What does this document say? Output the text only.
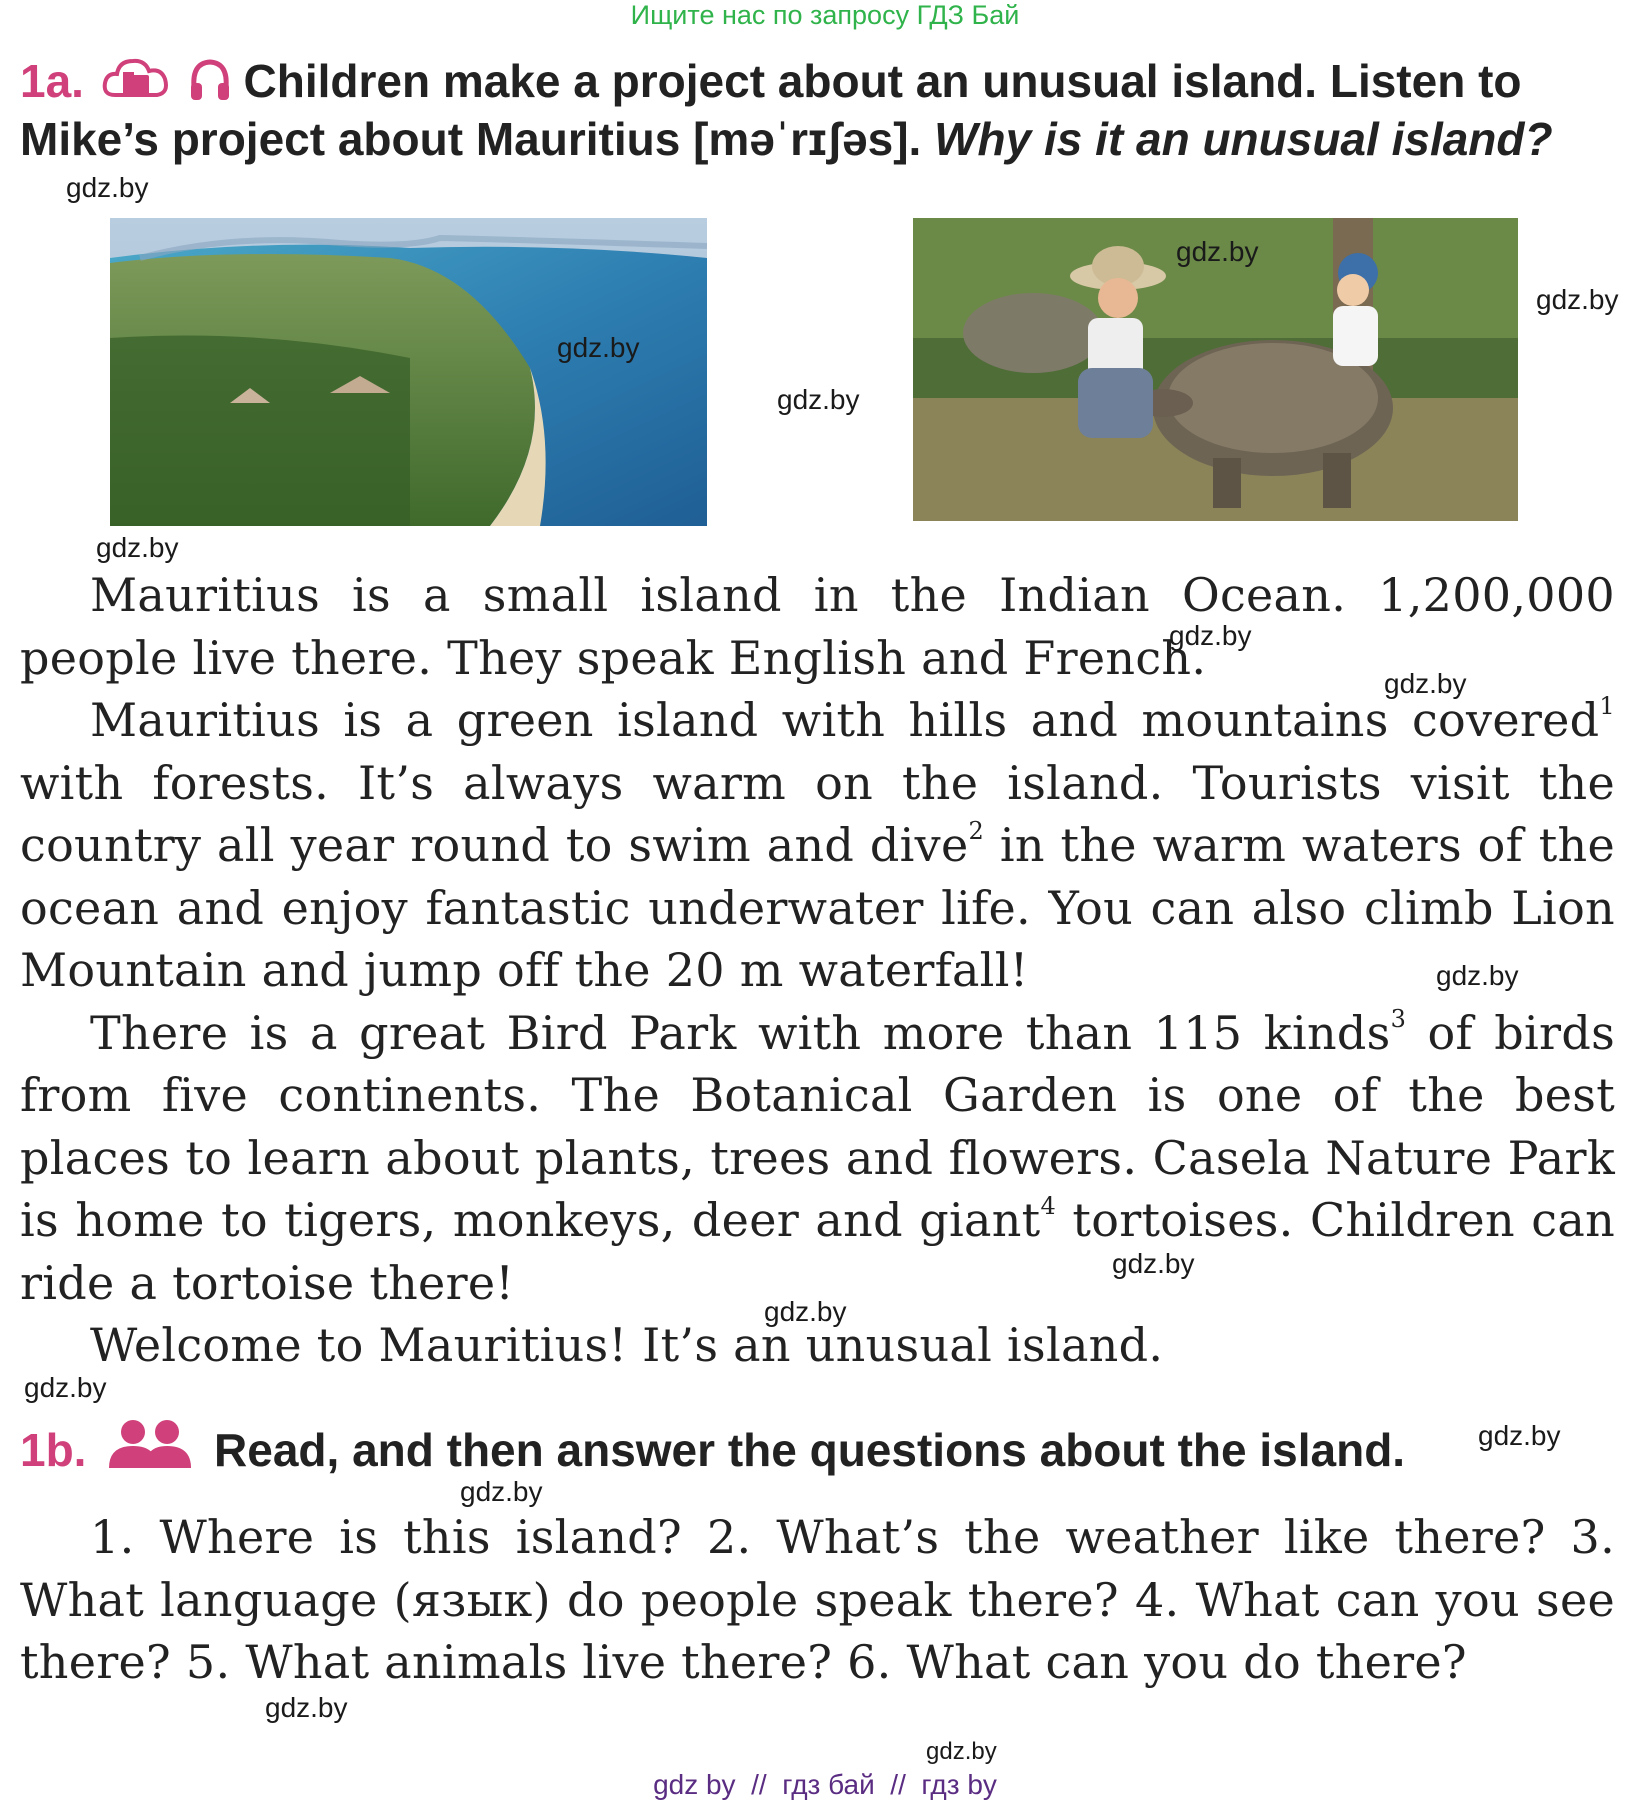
Ищите нас по запросу ГДЗ Бай
1a.	Children make a project about an unusual island. Listen to Mike’s project about Mauritius [məˈrɪʃəs]. Why is it an unusual island?

Mauritius is a small island in the Indian Ocean. 1,200,000 people live there. They speak English and French.

Mauritius is a green island with hills and mountains covered$^1$ with forests. It’s always warm on the island. Tourists visit the country all year round to swim and dive$^2$ in the warm waters of the ocean and enjoy fantastic underwater life. You can also climb Lion Mountain and jump off the 20 m waterfall!

There is a great Bird Park with more than 115 kinds$^3$ of birds from five continents. The Botanical Garden is one of the best places to learn about plants, trees and flowers. Casela Nature Park is home to tigers, monkeys, deer and giant$^4$ tortoises. Children can ride a tortoise there!

Welcome to Mauritius! It’s an unusual island.

1b.	Read, and then answer the questions about the island.

1. Where is this island? 2. What’s the weather like there? 3. What language (язык) do people speak there? 4. What can you see there? 5. What animals live there? 6. What can you do there?

gdz.by
gdz.by
gdz.by
gdz.by
gdz.by
gdz.by
gdz.by
gdz.by
gdz.by
gdz.by
gdz.by
gdz.by
gdz.by
gdz.by
gdz.by
gdz.by
gdz by  //  гдз бай  //  гдз by
